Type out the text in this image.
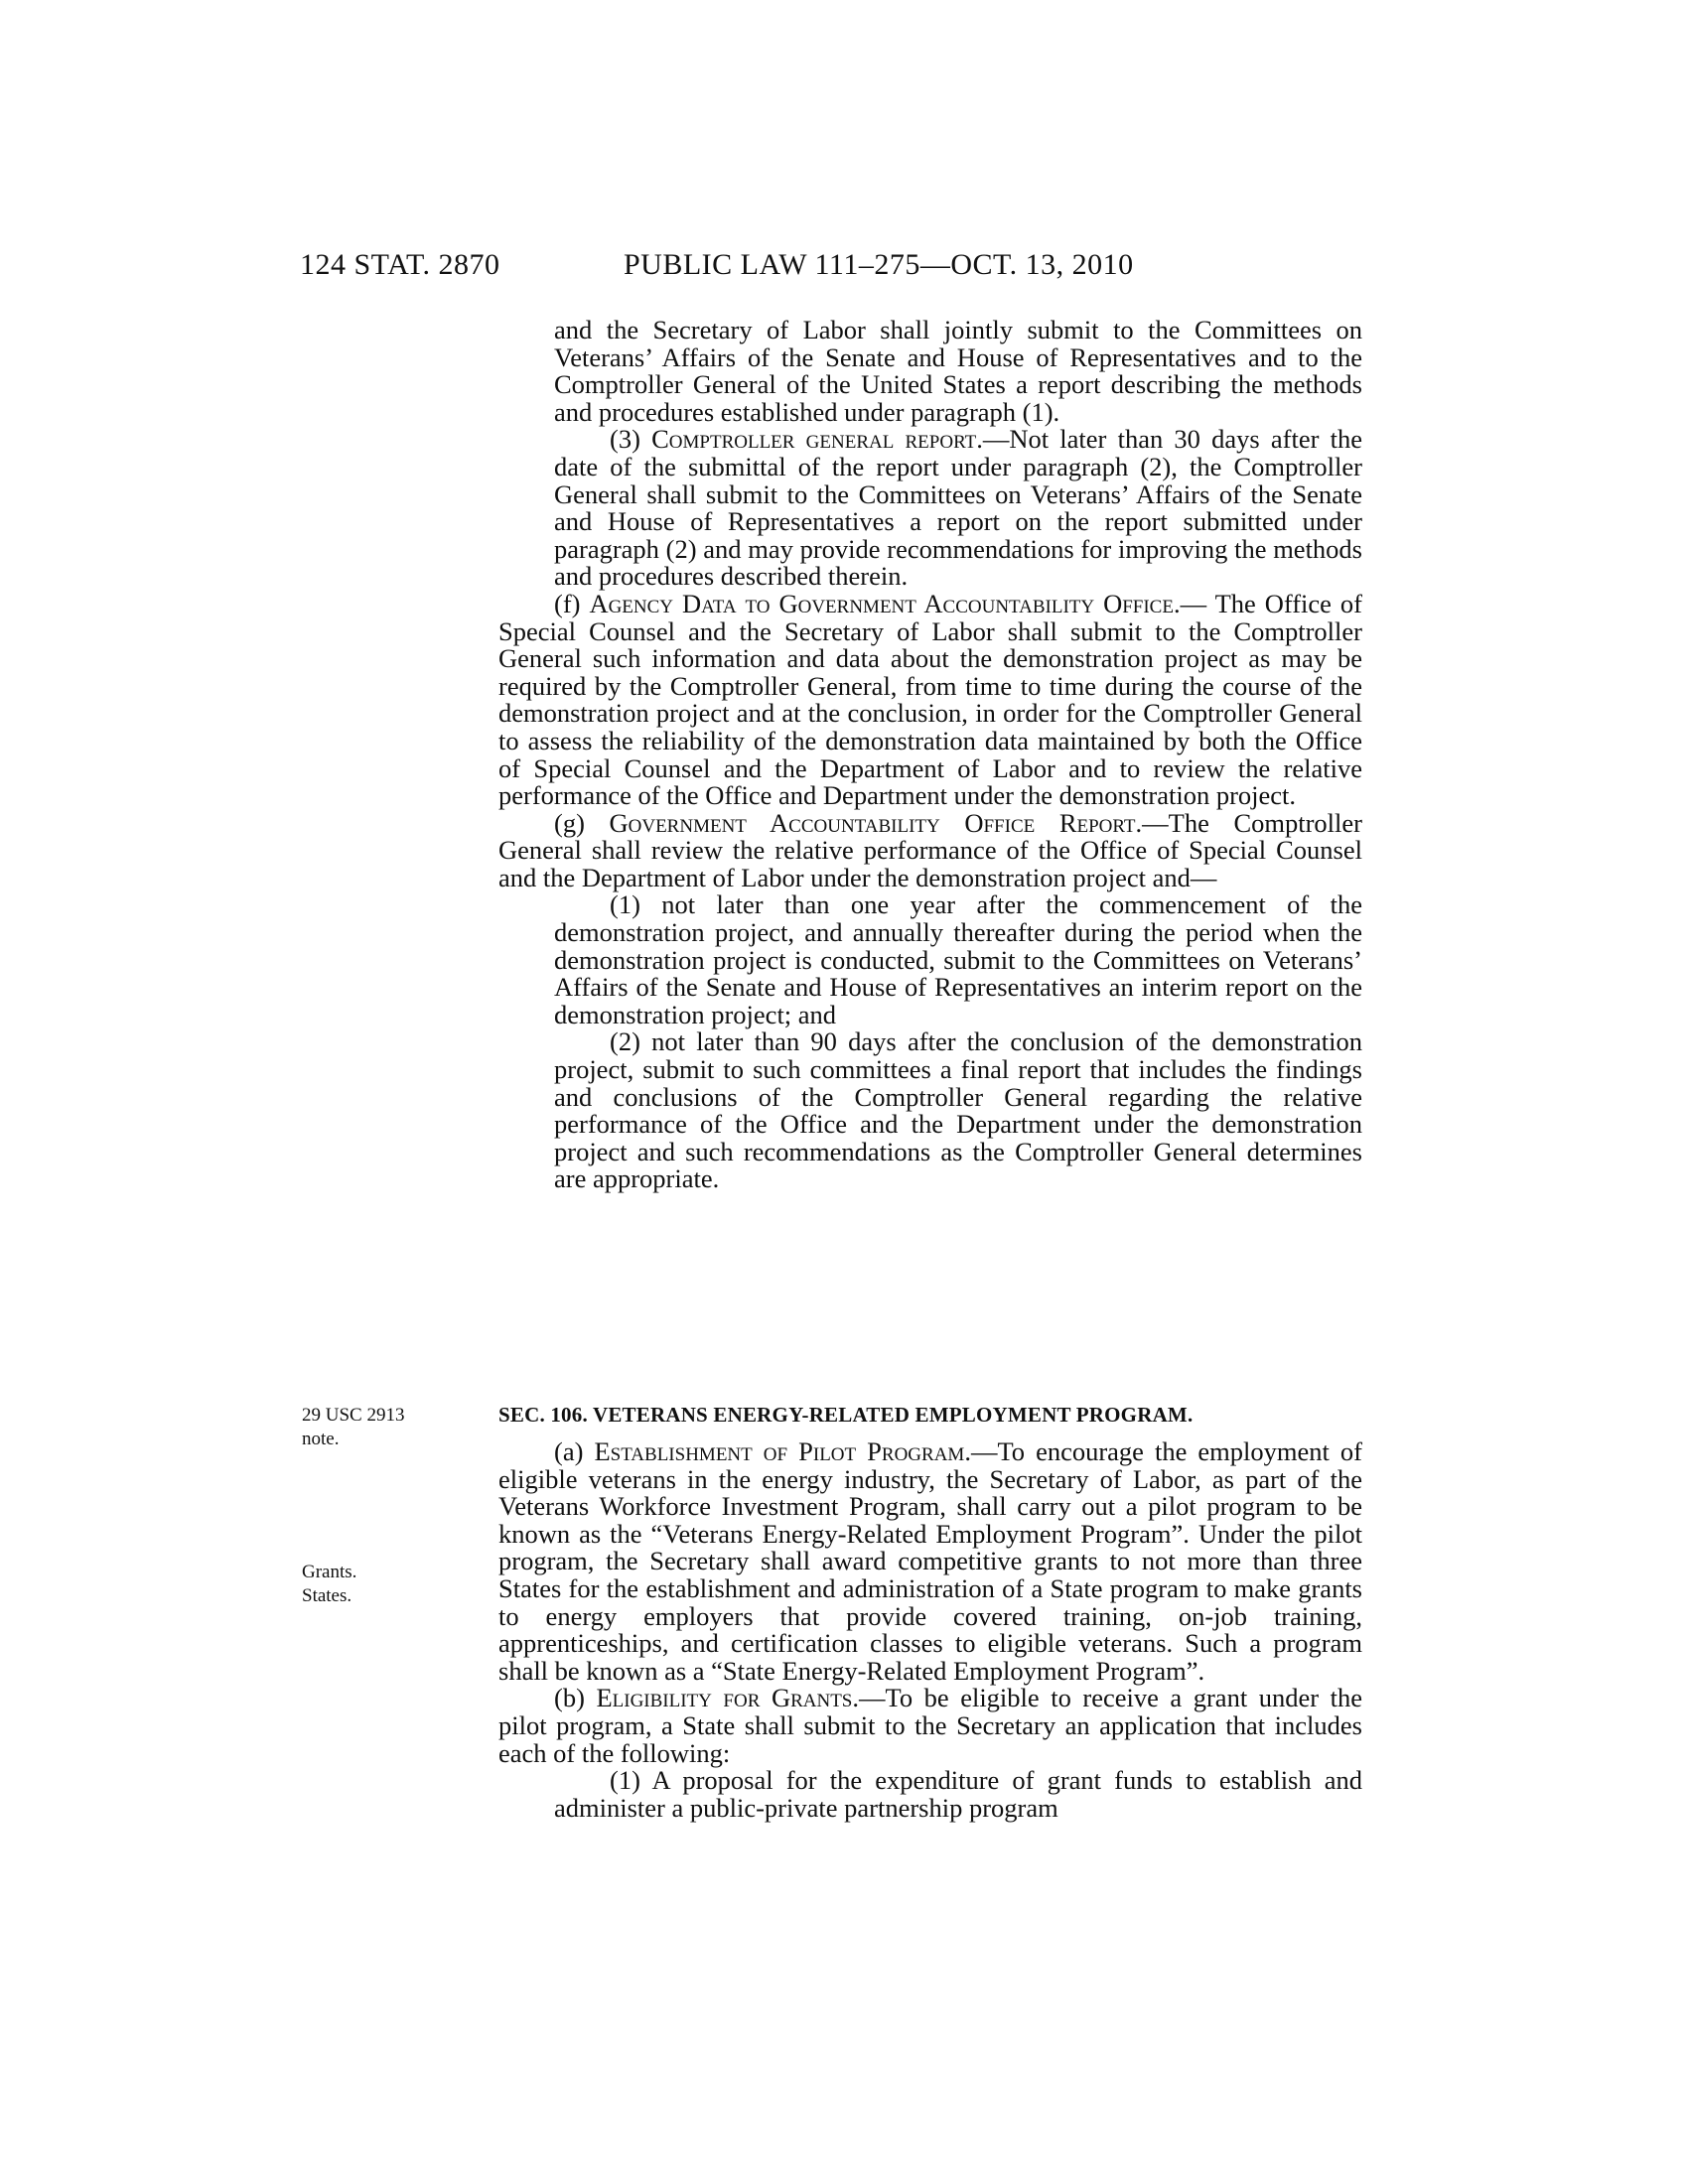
124 STAT. 2870	PUBLIC LAW 111–275—OCT. 13, 2010

and the Secretary of Labor shall jointly submit to the Committees on Veterans’ Affairs of the Senate and House of Representatives and to the Comptroller General of the United States a report describing the methods and procedures established under paragraph (1).

(3) Comptroller general report.—Not later than 30 days after the date of the submittal of the report under paragraph (2), the Comptroller General shall submit to the Committees on Veterans’ Affairs of the Senate and House of Representatives a report on the report submitted under paragraph (2) and may provide recommendations for improving the methods and procedures described therein.

(f) Agency Data to Government Accountability Office.— The Office of Special Counsel and the Secretary of Labor shall submit to the Comptroller General such information and data about the demonstration project as may be required by the Comptroller General, from time to time during the course of the demonstration project and at the conclusion, in order for the Comptroller General to assess the reliability of the demonstration data maintained by both the Office of Special Counsel and the Department of Labor and to review the relative performance of the Office and Department under the demonstration project.

(g) Government Accountability Office Report.—The Comptroller General shall review the relative performance of the Office of Special Counsel and the Department of Labor under the demonstration project and—

(1) not later than one year after the commencement of the demonstration project, and annually thereafter during the period when the demonstration project is conducted, submit to the Committees on Veterans’ Affairs of the Senate and House of Representatives an interim report on the demonstration project; and

(2) not later than 90 days after the conclusion of the demonstration project, submit to such committees a final report that includes the findings and conclusions of the Comptroller General regarding the relative performance of the Office and the Department under the demonstration project and such recommendations as the Comptroller General determines are appropriate.

29 USC 2913
note.
SEC. 106. VETERANS ENERGY-RELATED EMPLOYMENT PROGRAM.
Grants.
States.

(a) Establishment of Pilot Program.—To encourage the employment of eligible veterans in the energy industry, the Secretary of Labor, as part of the Veterans Workforce Investment Program, shall carry out a pilot program to be known as the “Veterans Energy-Related Employment Program”. Under the pilot program, the Secretary shall award competitive grants to not more than three States for the establishment and administration of a State program to make grants to energy employers that provide covered training, on-job training, apprenticeships, and certification classes to eligible veterans. Such a program shall be known as a “State Energy-Related Employment Program”.

(b) Eligibility for Grants.—To be eligible to receive a grant under the pilot program, a State shall submit to the Secretary an application that includes each of the following:

(1) A proposal for the expenditure of grant funds to establish and administer a public-private partnership program
